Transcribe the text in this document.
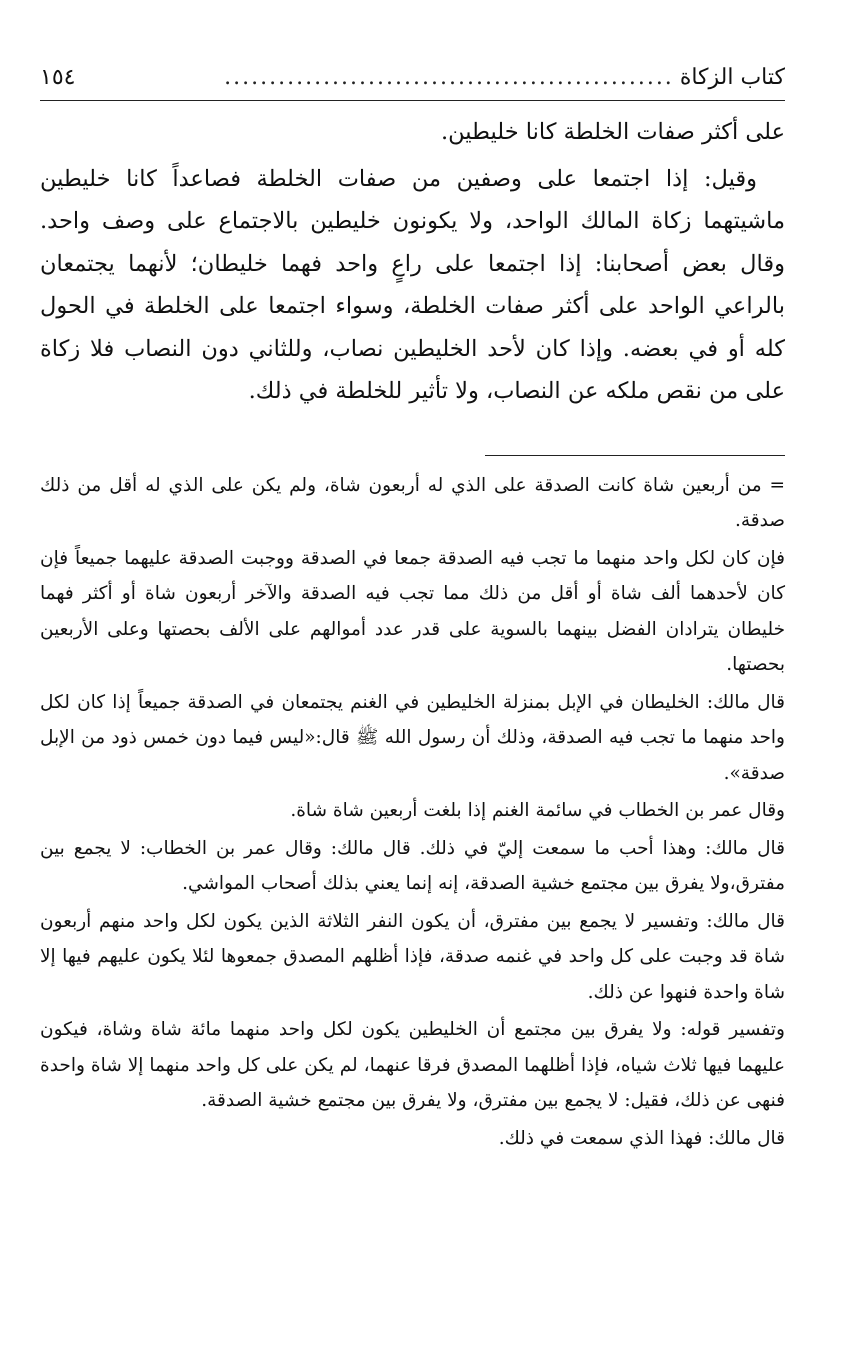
كتاب الزكاة
..................................................
١٥٤

على أكثر صفات الخلطة كانا خليطين.

وقيل: إذا اجتمعا على وصفين من صفات الخلطة فصاعداً كانا خليطين ماشيتهما زكاة المالك الواحد، ولا يكونون خليطين بالاجتماع على وصف واحد. وقال بعض أصحابنا: إذا اجتمعا على راعٍ واحد فهما خليطان؛ لأنهما يجتمعان بالراعي الواحد على أكثر صفات الخلطة، وسواء اجتمعا على الخلطة في الحول كله أو في بعضه. وإذا كان لأحد الخليطين نصاب، وللثاني دون النصاب فلا زكاة على من نقص ملكه عن النصاب، ولا تأثير للخلطة في ذلك.

= من أربعين شاة كانت الصدقة على الذي له أربعون شاة، ولم يكن على الذي له أقل من ذلك صدقة.

فإن كان لكل واحد منهما ما تجب فيه الصدقة جمعا في الصدقة ووجبت الصدقة عليهما جميعاً فإن كان لأحدهما ألف شاة أو أقل من ذلك مما تجب فيه الصدقة والآخر أربعون شاة أو أكثر فهما خليطان يترادان الفضل بينهما بالسوية على قدر عدد أموالهم على الألف بحصتها وعلى الأربعين بحصتها.

قال مالك: الخليطان في الإبل بمنزلة الخليطين في الغنم يجتمعان في الصدقة جميعاً إذا كان لكل واحد منهما ما تجب فيه الصدقة، وذلك أن رسول الله ﷺ قال:«ليس فيما دون خمس ذود من الإبل صدقة».

وقال عمر بن الخطاب في سائمة الغنم إذا بلغت أربعين شاة شاة.

قال مالك: وهذا أحب ما سمعت إليّ في ذلك. قال مالك: وقال عمر بن الخطاب: لا يجمع بين مفترق،ولا يفرق بين مجتمع خشية الصدقة، إنه إنما يعني بذلك أصحاب المواشي.

قال مالك: وتفسير لا يجمع بين مفترق، أن يكون النفر الثلاثة الذين يكون لكل واحد منهم أربعون شاة قد وجبت على كل واحد في غنمه صدقة، فإذا أظلهم المصدق جمعوها لئلا يكون عليهم فيها إلا شاة واحدة فنهوا عن ذلك.

وتفسير قوله: ولا يفرق بين مجتمع أن الخليطين يكون لكل واحد منهما مائة شاة وشاة، فيكون عليهما فيها ثلاث شياه، فإذا أظلهما المصدق فرقا عنهما، لم يكن على كل واحد منهما إلا شاة واحدة فنهى عن ذلك، فقيل: لا يجمع بين مفترق، ولا يفرق بين مجتمع خشية الصدقة.

قال مالك: فهذا الذي سمعت في ذلك.
